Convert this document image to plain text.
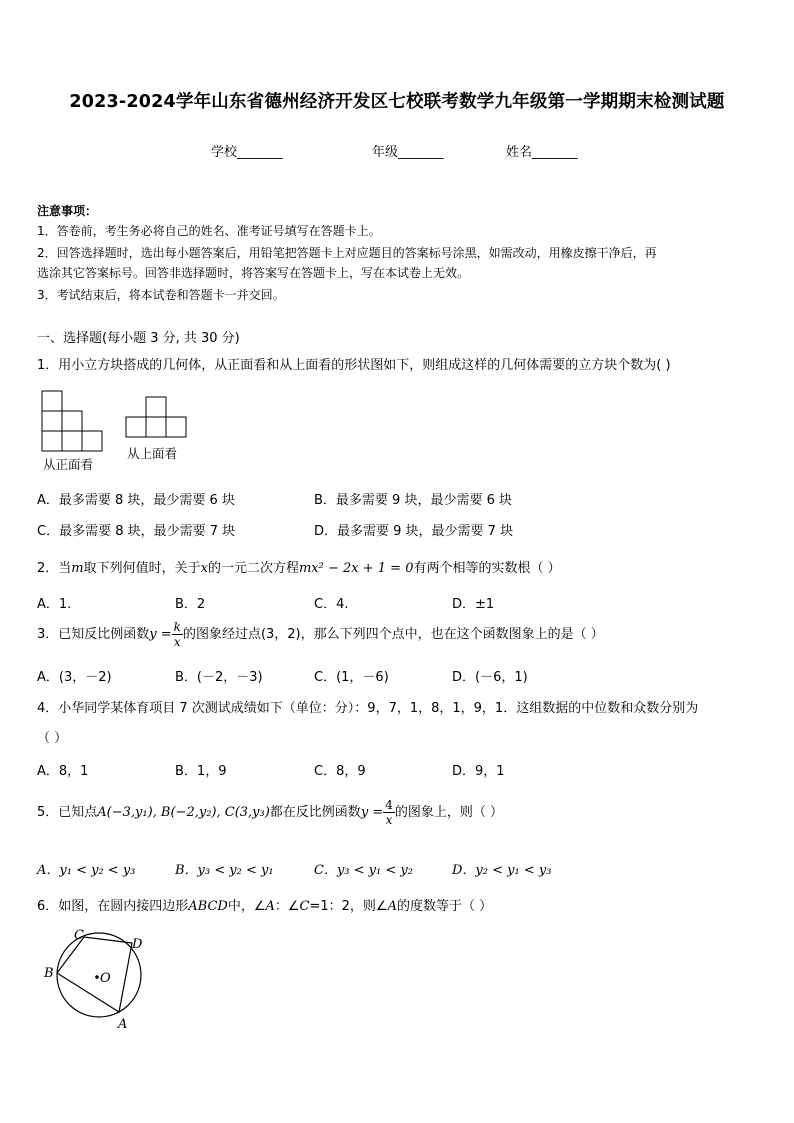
2023-2024学年山东省德州经济开发区七校联考数学九年级第一学期期末检测试题
学校_______	年级_______	姓名_______
注意事项：
1．答卷前，考生务必将自己的姓名、准考证号填写在答题卡上。
2．回答选择题时，选出每小题答案后，用铅笔把答题卡上对应题目的答案标号涂黑，如需改动，用橡皮擦干净后，再
选涂其它答案标号。回答非选择题时，将答案写在答题卡上，写在本试卷上无效。
3．考试结束后，将本试卷和答题卡一并交回。
一、选择题(每小题 3 分, 共 30 分)
1．用小立方块搭成的几何体，从正面看和从上面看的形状图如下，则组成这样的几何体需要的立方块个数为( )
从正面看
从上面看
A．最多需要 8 块，最少需要 6 块	B．最多需要 9 块，最少需要 6 块
C．最多需要 8 块，最少需要 7 块	D．最多需要 9 块，最少需要 7 块
2．当m取下列何值时，关于x的一元二次方程mx² − 2x + 1 = 0有两个相等的实数根（ ）
A．1.	B．2	C．4.	D．±1
3．已知反比例函数$y = \frac{k}{x}$ 的图象经过点(3，2)，那么下列四个点中，也在这个函数图象上的是（ ）
A．(3，－2)	B．(－2，－3)	C．(1，－6)	D．(－6，1)
4．小华同学某体育项目 7 次测试成绩如下（单位：分）：9，7，1，8，1，9，1．这组数据的中位数和众数分别为
（ ）
A．8，1	B．1，9	C．8，9	D．9，1
5．已知点A(−3,y₁), B(−2,y₂), C(3,y₃)都在反比例函数$y = \frac{4}{x}$ 的图象上，则（ ）
A．y₁ < y₂ < y₃	B．y₃ < y₂ < y₁	C．y₃ < y₁ < y₂	D．y₂ < y₁ < y₃
6．如图，在圆内接四边形ABCD中，∠A：∠C=1：2，则∠A的度数等于（ ）
B
C
D
A
O
